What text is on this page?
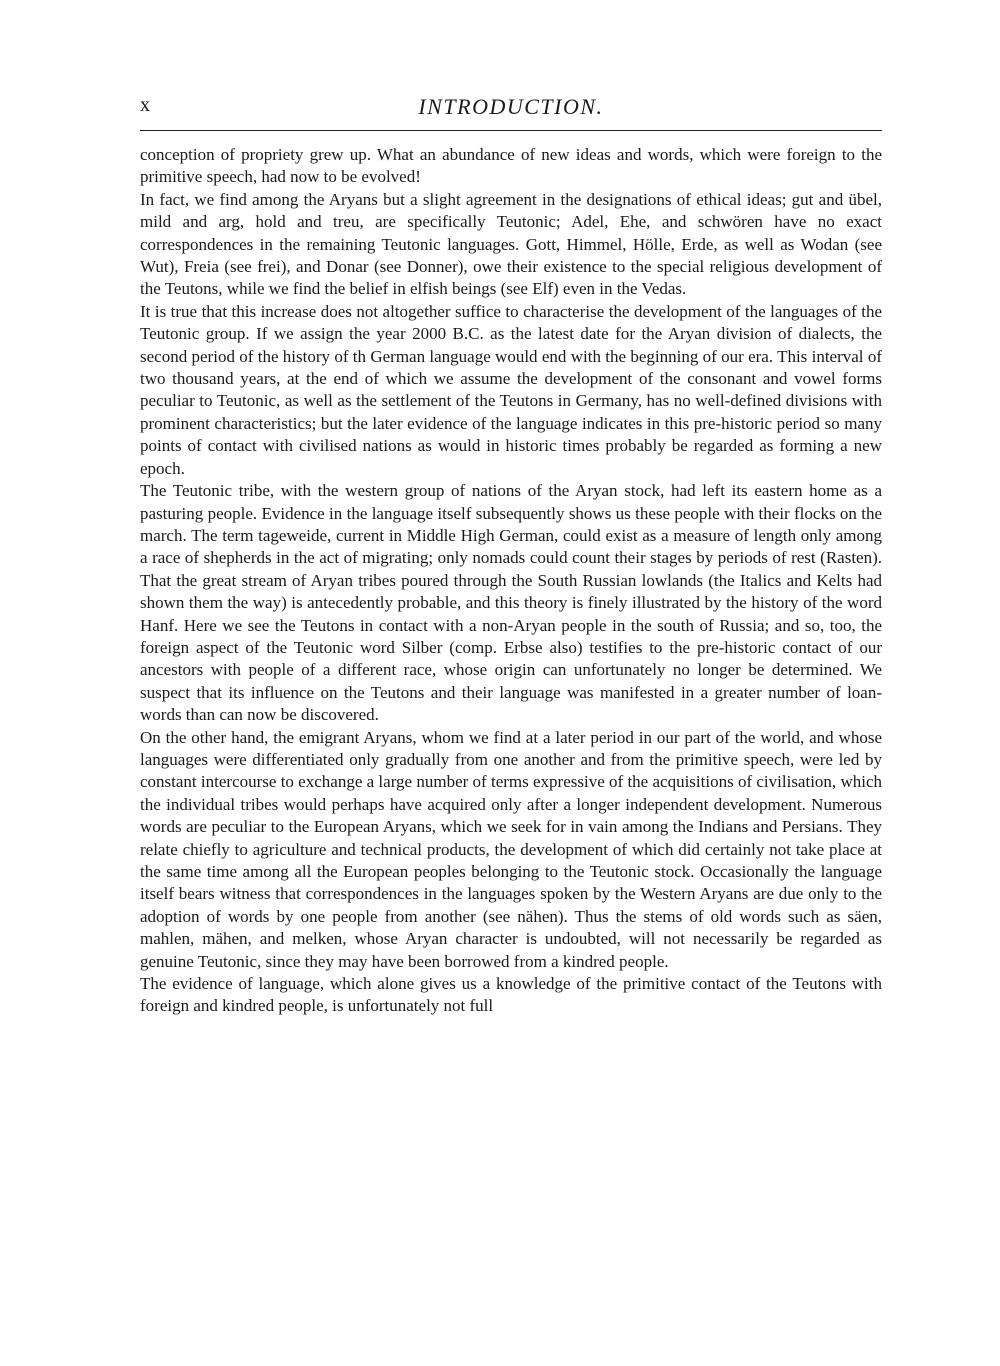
x	INTRODUCTION.

conception of propriety grew up. What an abundance of new ideas and words, which were foreign to the primitive speech, had now to be evolved!

In fact, we find among the Aryans but a slight agreement in the designations of ethical ideas; gut and übel, mild and arg, hold and treu, are specifically Teutonic; Adel, Ehe, and schwören have no exact correspondences in the remaining Teutonic languages. Gott, Himmel, Hölle, Erde, as well as Wodan (see Wut), Freia (see frei), and Donar (see Donner), owe their existence to the special religious development of the Teutons, while we find the belief in elfish beings (see Elf) even in the Vedas.

It is true that this increase does not altogether suffice to characterise the development of the languages of the Teutonic group. If we assign the year 2000 B.C. as the latest date for the Aryan division of dialects, the second period of the history of th German language would end with the beginning of our era. This interval of two thousand years, at the end of which we assume the development of the consonant and vowel forms peculiar to Teutonic, as well as the settlement of the Teutons in Germany, has no well-defined divisions with prominent characteristics; but the later evidence of the language indicates in this pre-historic period so many points of contact with civilised nations as would in historic times probably be regarded as forming a new epoch.

The Teutonic tribe, with the western group of nations of the Aryan stock, had left its eastern home as a pasturing people. Evidence in the language itself subsequently shows us these people with their flocks on the march. The term tageweide, current in Middle High German, could exist as a measure of length only among a race of shepherds in the act of migrating; only nomads could count their stages by periods of rest (Rasten). That the great stream of Aryan tribes poured through the South Russian lowlands (the Italics and Kelts had shown them the way) is antecedently probable, and this theory is finely illustrated by the history of the word Hanf. Here we see the Teutons in contact with a non-Aryan people in the south of Russia; and so, too, the foreign aspect of the Teutonic word Silber (comp. Erbse also) testifies to the pre-historic contact of our ancestors with people of a different race, whose origin can unfortunately no longer be determined. We suspect that its influence on the Teutons and their language was manifested in a greater number of loan-words than can now be discovered.

On the other hand, the emigrant Aryans, whom we find at a later period in our part of the world, and whose languages were differentiated only gradually from one another and from the primitive speech, were led by constant intercourse to exchange a large number of terms expressive of the acquisitions of civilisation, which the individual tribes would perhaps have acquired only after a longer independent development. Numerous words are peculiar to the European Aryans, which we seek for in vain among the Indians and Persians. They relate chiefly to agriculture and technical products, the development of which did certainly not take place at the same time among all the European peoples belonging to the Teutonic stock. Occasionally the language itself bears witness that correspondences in the languages spoken by the Western Aryans are due only to the adoption of words by one people from another (see nähen). Thus the stems of old words such as säen, mahlen, mähen, and melken, whose Aryan character is undoubted, will not necessarily be regarded as genuine Teutonic, since they may have been borrowed from a kindred people.

The evidence of language, which alone gives us a knowledge of the primitive contact of the Teutons with foreign and kindred people, is unfortunately not full
